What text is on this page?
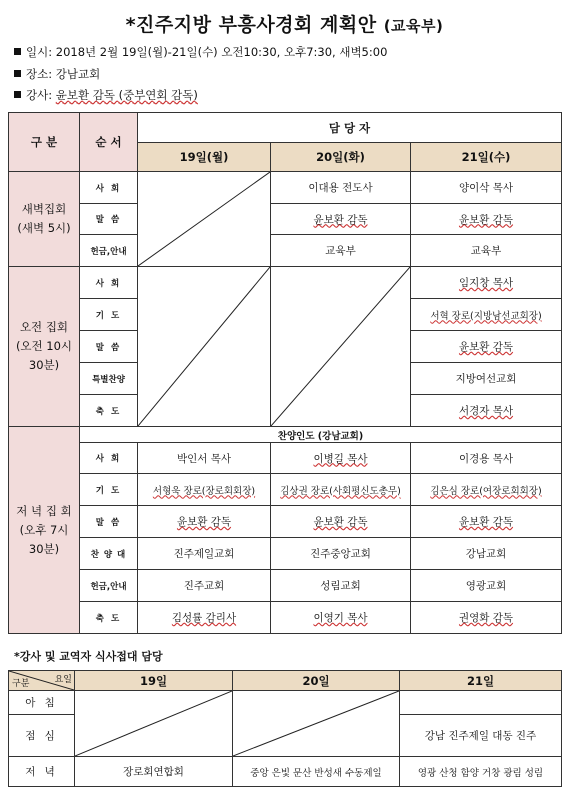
*진주지방 부흥사경회 계획안 (교육부)
일시: 2018년 2월 19일(월)-21일(수) 오전10:30, 오후7:30, 새벽5:00
장소: 강남교회
강사: 윤보환 감독 (중부연회 감독)
구 분	순 서	담 당 자		
		19일(월)	20일(화)	21일(수)

새벽집회
(새벽 5시)	사 회		이대용 전도사	양이삭 목사
	말 씀		윤보환 감독	윤보환 감독
	헌금,안내		교육부	교육부

오전 집회
(오전 10시
30분)	사 회			임지창 목사
	기 도			서혁 장로(지방남선교회장)
	말 씀			윤보환 감독
	특별찬양			지방여선교회
	축 도			서경자 목사

저 녁 집 회
(오후 7시
30분)	찬양인도 (강남교회)			
	사 회	박인서 목사	이병길 목사	이경용 목사
	기 도	서형욱 장로(장로회회장)	김상권 장로(사회평신도총무)	김은심 장로(여장로회회장)
	말 씀	윤보환 감독	윤보환 감독	윤보환 감독
	찬 양 대	진주제일교회	진주중앙교회	강남교회
	헌금,안내	진주교회	성림교회	영광교회
	축 도	김성률 감리사	이영기 목사	권영화 감독
*강사 및 교역자 식사접대 담당
요일
구분	19일	20일	21일
아 침	

점 심			강남 진주제일 대동 진주
저 녁	장로회연합회	중앙 은빛 문산 반성새 수동제일	영광 산청 함양 거창 광림 성림
